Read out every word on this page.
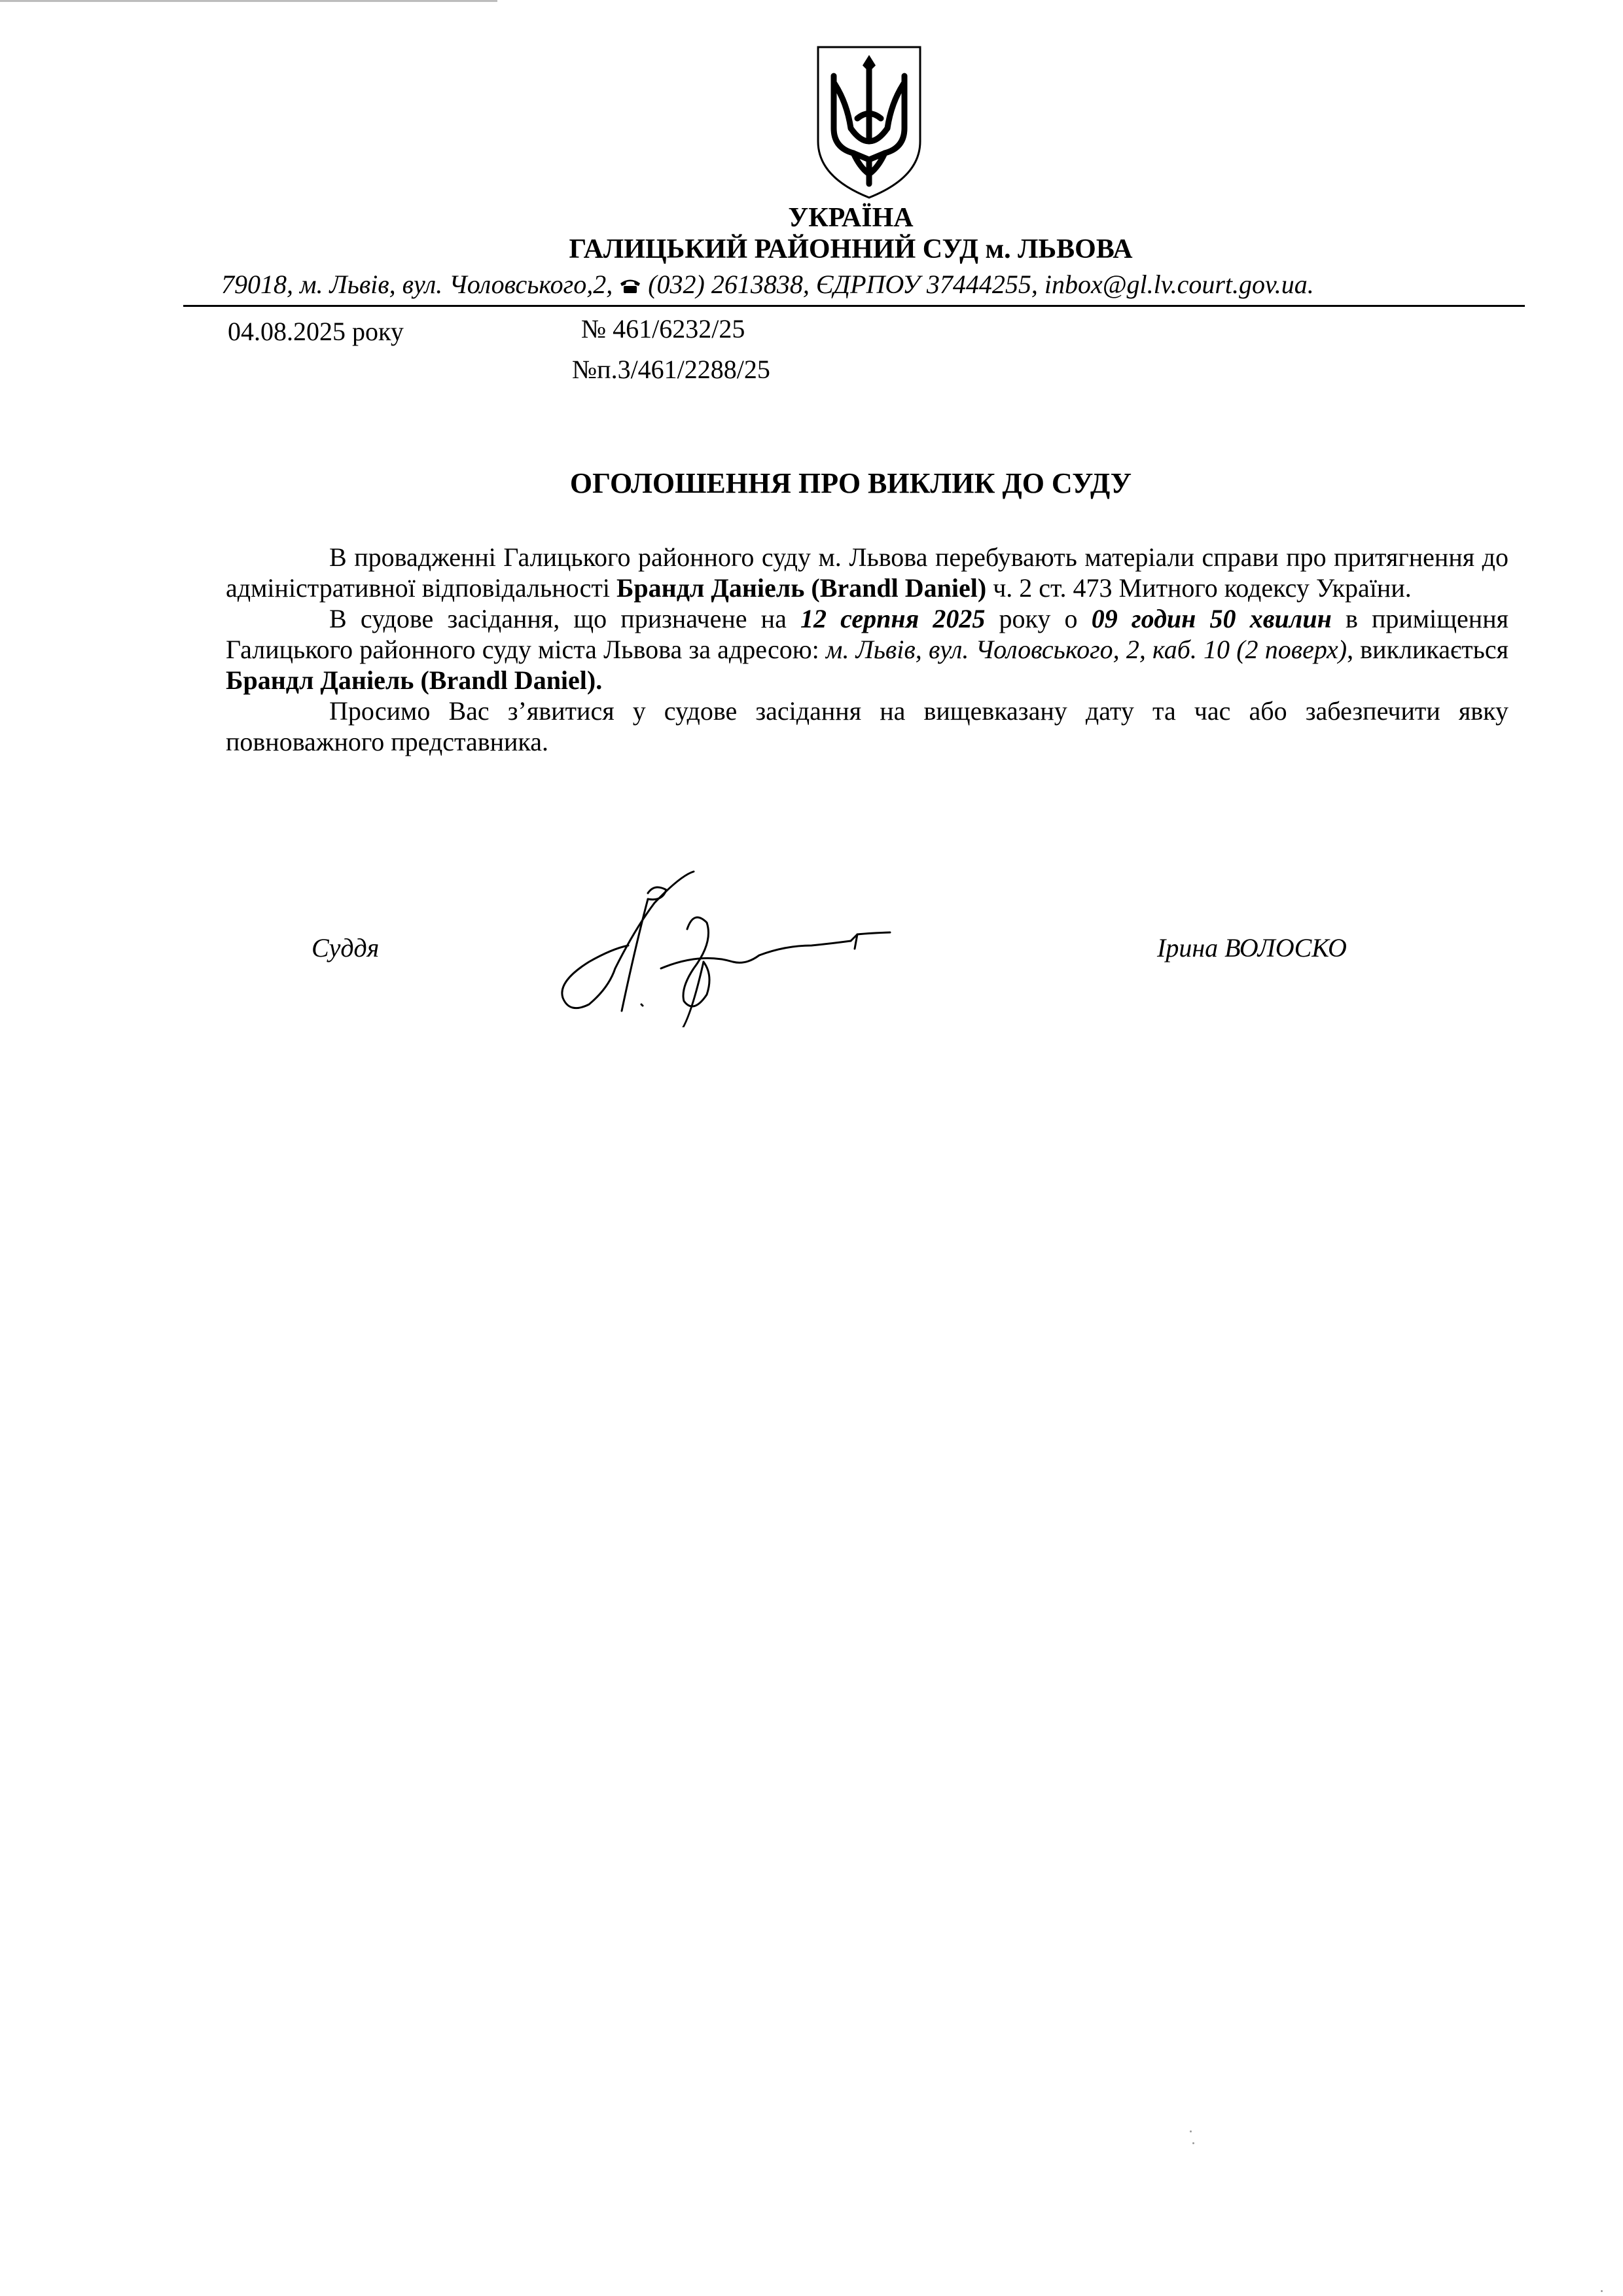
УКРАЇНА
ГАЛИЦЬКИЙ РАЙОННИЙ СУД м. ЛЬВОВА
79018, м. Львів, вул. Чоловського,2, (032) 2613838, ЄДРПОУ 37444255, inbox@gl.lv.court.gov.ua.
04.08.2025 року	№ 461/6232/25
№п.3/461/2288/25
ОГОЛОШЕННЯ ПРО ВИКЛИК ДО СУДУ

В провадженні Галицького районного суду м. Львова перебувають матеріали справи про притягнення до адміністративної відповідальності Брандл Даніель (Brandl Daniel) ч. 2 ст. 473 Митного кодексу України.

В судове засідання, що призначене на 12 серпня 2025 року о 09 годин 50 хвилин в приміщення Галицького районного суду міста Львова за адресою: м. Львів, вул. Чоловського, 2, каб. 10 (2 поверх), викликається Брандл Даніель (Brandl Daniel).

Просимо Вас з’явитися у судове засідання на вищевказану дату та час або забезпечити явку повноважного представника.

Суддя	Ірина ВОЛОСКО
